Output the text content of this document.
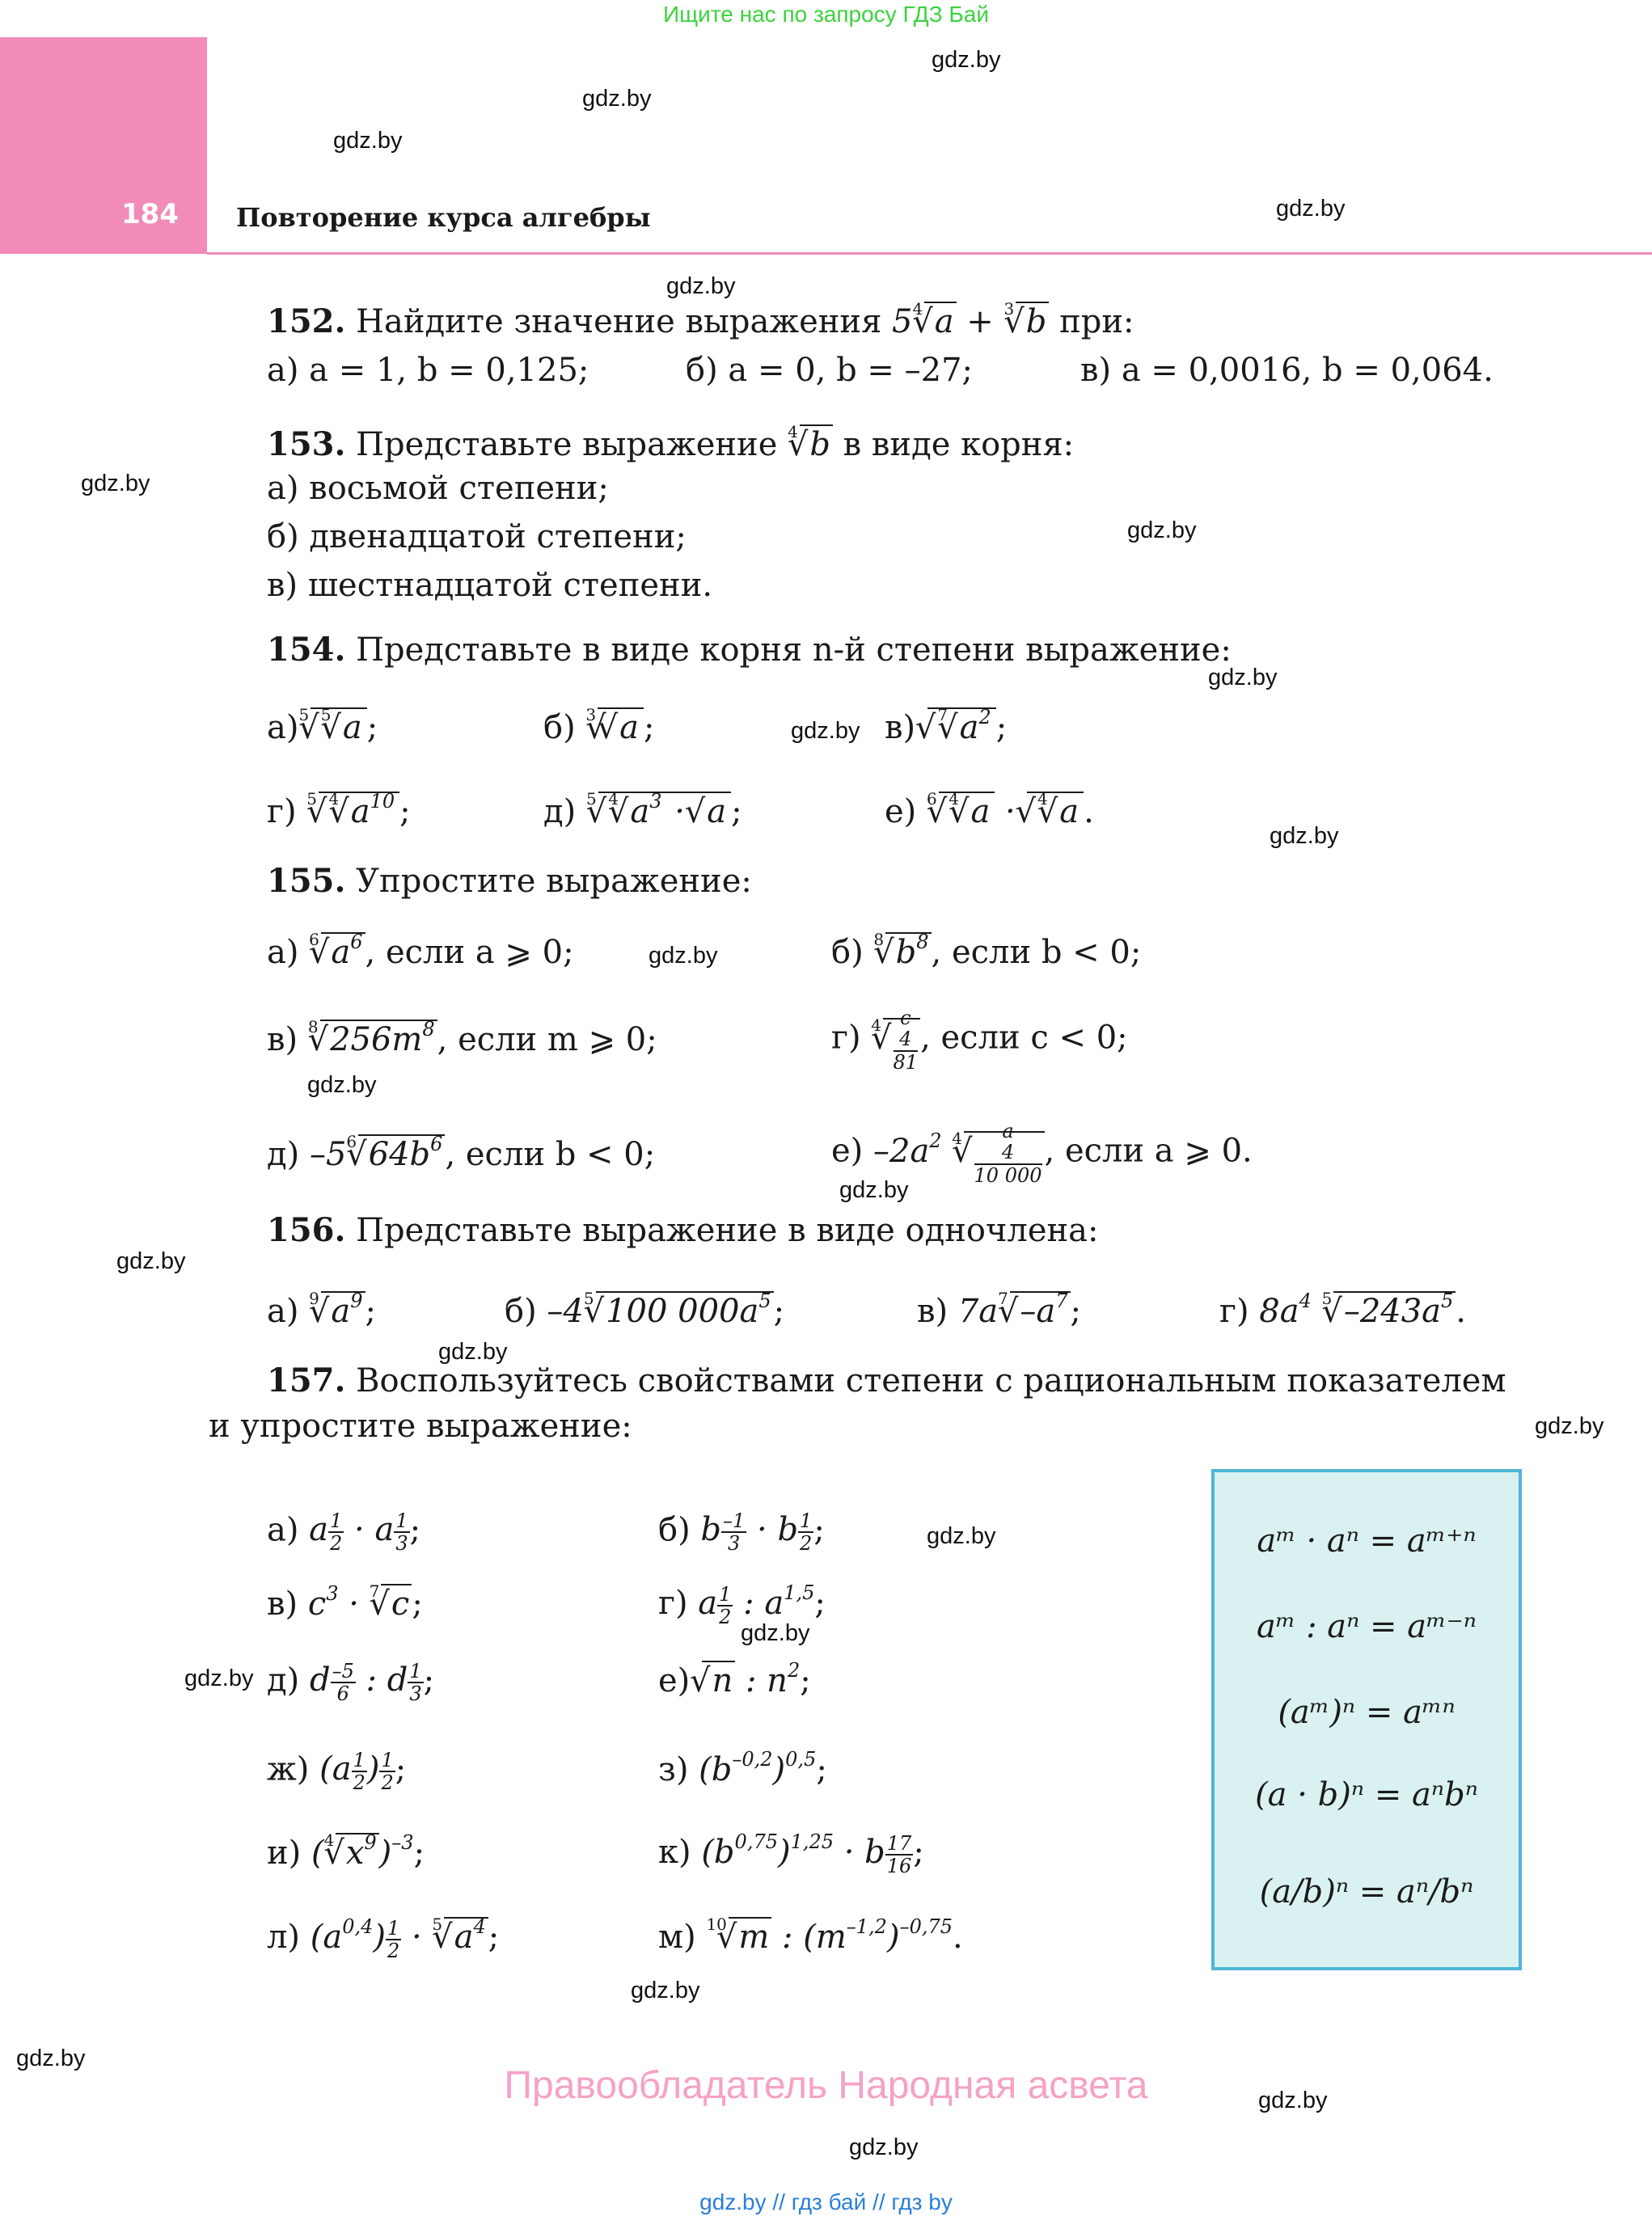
Ищите нас по запросу ГДЗ Бай
184 Повторение курса алгебры
gdz.by
gdz.by
gdz.by
gdz.by
gdz.by
gdz.by
gdz.by
gdz.by
gdz.by
gdz.by
gdz.by
gdz.by
gdz.by
gdz.by
gdz.by
gdz.by
gdz.by
gdz.by
gdz.by
gdz.by
gdz.by
gdz.by
gdz.by
152. Найдите значение выражения $5^4√$ a + $^3$√ b при:
а) a = 1, b = 0,125;	б) a = 0, b = –27;	в) a = 0,0016, b = 0,064.
153. Представьте выражение $^4$√ b в виде корня:
а) восьмой степени;
б) двенадцатой степени;
в) шестнадцатой степени.
154. Представьте в виде корня n-й степени выражение:
а)$^5$√ $^5$√ a ;	б) $^3$√ √ a ;	в) √ $^7$√ $a^2$ ;
г) $^5$√ $^4$√ $a^{10}$ ;	д) $^5$√ $^4$√ $a^3$ · √ a ;	е) $^6$√ $^4$√ a · √ $^4$√ a .
155. Упростите выражение:
а) $^6$√ $a^6$, если a ⩾ 0;	б) $^8$√ $b^8$, если b < 0;
в) $^8$√ $256m^8$, если m ⩾ 0;	г) $^4$
√ c
4
81 , если c < 0;
д) $-5^6√$ $64b^6$, если b < 0;	е) $-2a^2$ $^4$
√ a
4
10 000 , если a ⩾ 0.
156. Представьте выражение в виде одночлена:
а) $^9$√ $a^9$;	б) $-4^5√$ 100 $000a^5$;	в) $7a^7√$ $-a^7$;	г) $8a^4$ $^5$√ $-243a^5$.
157. Воспользуйтесь свойствами степени с рациональным показателем
и упростите выражение:
а) a $\frac{1}{2} \cdot a \frac{1}{3}$ ;	б) b $\frac{-1}{3} \cdot b \frac{1}{2}$ ;
в) $c^3 \cdot ^7√$ c;	г) a $\frac{1}{2}$ : $a^{1,5}$;
д) d $\frac{-5}{6}$ : d $\frac{1}{3}$ ;	е) √ n : $n^2$;
ж) ($a \frac{1}{2}$ ) $\frac{1}{2}$ ;	з) $(b^{-0,2})^{0,5}$;
и) ($^4$√ $x^9)^{-3}$;	к) $(b^{0,75})^{1,25} \cdot b \frac{17}{16}$ ;
л) $(a^{0,4}) \frac{1}{2} \cdot ^5√$ $a^4$;	м) $^{10}$√ m : $(m^{-1,2})^{-0,75}$.
aᵐ · aⁿ = aᵐ⁺ⁿ
aᵐ : aⁿ = aᵐ⁻ⁿ
(aᵐ)ⁿ = aᵐⁿ
(a · b)ⁿ = aⁿbⁿ
(a/b)ⁿ = aⁿ/bⁿ
Правообладатель Народная асвета
gdz.by // гдз бай // гдз by
